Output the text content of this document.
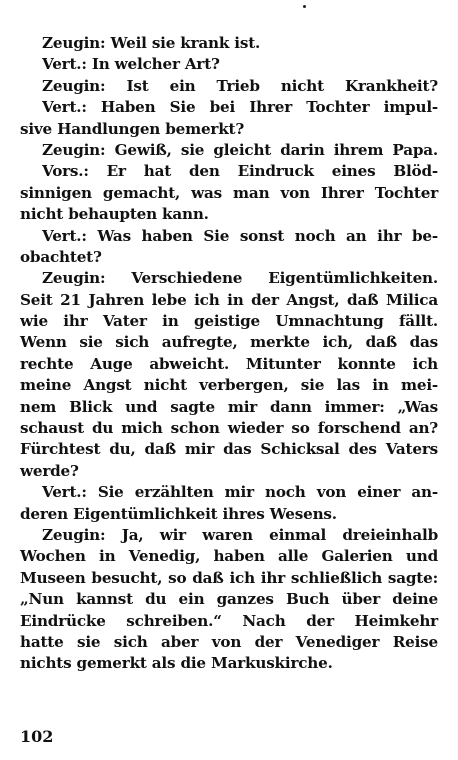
Zeugin: Weil sie krank ist.
Vert.: In welcher Art?
Zeugin: Ist ein Trieb nicht Krankheit?
Vert.: Haben Sie bei Ihrer Tochter impul-
sive Handlungen bemerkt?
Zeugin: Gewiß, sie gleicht darin ihrem Papa.
Vors.: Er hat den Eindruck eines Blöd-
sinnigen gemacht, was man von Ihrer Tochter
nicht behaupten kann.
Vert.: Was haben Sie sonst noch an ihr be-
obachtet?
Zeugin: Verschiedene Eigentümlichkeiten.
Seit 21 Jahren lebe ich in der Angst, daß Milica
wie ihr Vater in geistige Umnachtung fällt.
Wenn sie sich aufregte, merkte ich, daß das
rechte Auge abweicht. Mitunter konnte ich
meine Angst nicht verbergen, sie las in mei-
nem Blick und sagte mir dann immer: „Was
schaust du mich schon wieder so forschend an?
Fürchtest du, daß mir das Schicksal des Vaters
werde?
Vert.: Sie erzählten mir noch von einer an-
deren Eigentümlichkeit ihres Wesens.
Zeugin: Ja, wir waren einmal dreieinhalb
Wochen in Venedig, haben alle Galerien und
Museen besucht, so daß ich ihr schließlich sagte:
„Nun kannst du ein ganzes Buch über deine
Eindrücke schreiben.“ Nach der Heimkehr
hatte sie sich aber von der Venediger Reise
nichts gemerkt als die Markuskirche.
102
